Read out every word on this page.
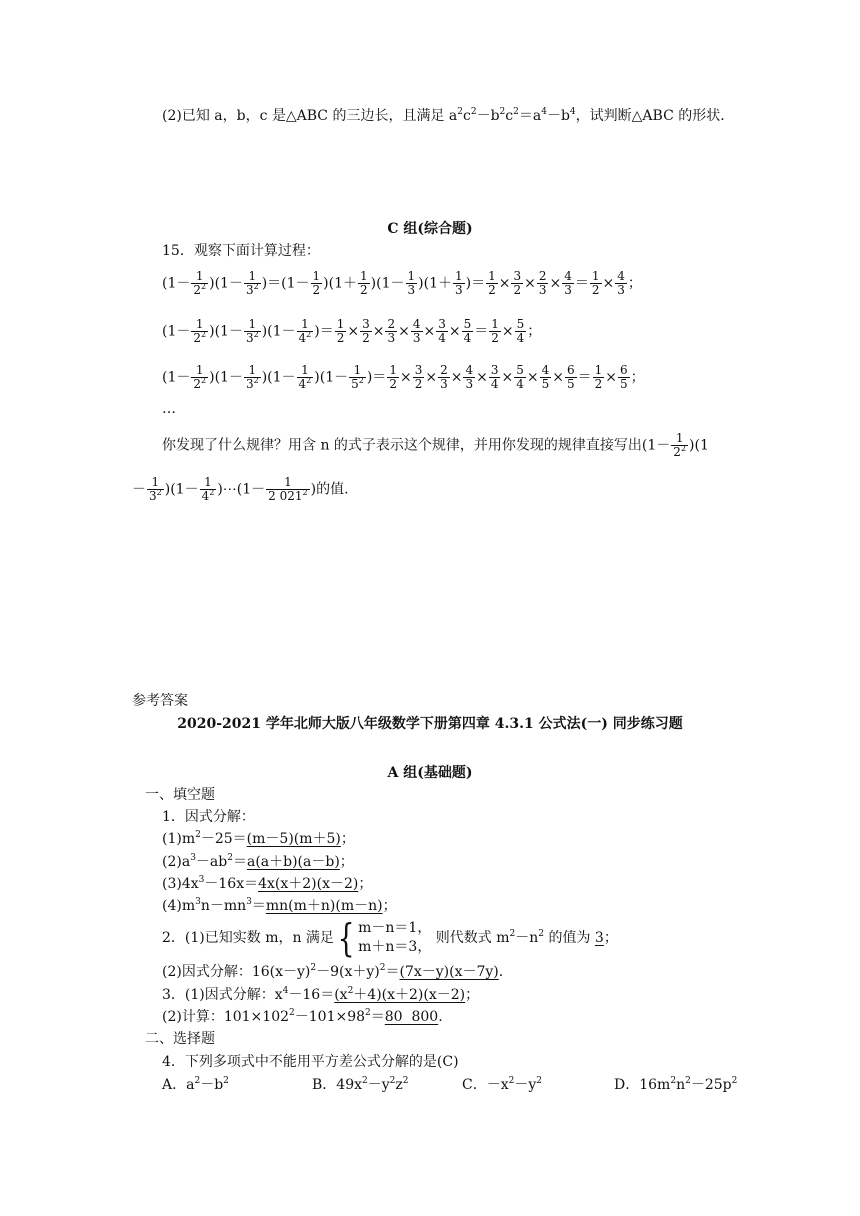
(2)已知 a，b，c 是△ABC 的三边长，且满足 $a^2c^2-b^2c^2=a^4-b^4$，试判断△ABC 的形状.
C 组(综合题)
15．观察下面计算过程：
$(1- \frac{1}{2^2} )(1- \frac{1}{3^2} )=(1- \frac{1}{2} )(1+ \frac{1}{2} )(1- \frac{1}{3} )(1+ \frac{1}{3}$ )＝ $\frac{1}{2} \times \frac{3}{2} \times \frac{2}{3} \times \frac{4}{3} = \frac{1}{2} \times \frac{4}{3}$ ；
$(1- \frac{1}{2^2} )(1- \frac{1}{3^2} )(1- \frac{1}{4^2}$ )＝ $\frac{1}{2} \times \frac{3}{2} \times \frac{2}{3} \times \frac{4}{3} \times \frac{3}{4} \times \frac{5}{4} = \frac{1}{2} \times \frac{5}{4}$ ；
$(1- \frac{1}{2^2} )(1- \frac{1}{3^2} )(1- \frac{1}{4^2} )(1- \frac{1}{5^2}$ )＝ $\frac{1}{2} \times \frac{3}{2} \times \frac{2}{3} \times \frac{4}{3} \times \frac{3}{4} \times \frac{5}{4} \times \frac{4}{5} \times \frac{6}{5} = \frac{1}{2} \times \frac{6}{5}$ ；
…
你发现了什么规律？用含 n 的式子表示这个规律，并用你发现的规律直接写出$(1- \frac{1}{2^2} )(1$
－ $\frac{1}{3^2} )(1- \frac{1}{4^2}$ )⋯(1－ $\frac{1}{2 021^2}$ )的值.
参考答案
2020-2021 学年北师大版八年级数学下册第四章 4.3.1 公式法(一) 同步练习题
A 组(基础题)
一、填空题
1．因式分解：
$(1)m^2-25=(m-5)(m+5)$；
$(2)a^3-ab^2=a(a+b)(a-b)$；
$(3)4x^3-16x=4x(x+2)(x-2)$；
$(4)m^3n-mn^3=mn(m+n)(m-n)$；
2．(1)已知实数 m，n 满足{ m－n＝1，
m＋n＝3，
则代数式 $m^2-n^2$ 的值为 3；
(2)因式分解：$16(x-y)^2-9(x+y)^2=(7x-y)(x-7y)$.
3．(1)因式分解：$x^4-16=(x^2+4)(x+2)(x-2)$；
(2)计算：$101\times 102^2-101\times 98^2=80$  800.
二、选择题
4．下列多项式中不能用平方差公式分解的是(C)
A．$a^2-b^2$	B．$49x^2-y^2z^2$	C．$-x^2-y^2$	D．$16m^2n^2-25p^2$
